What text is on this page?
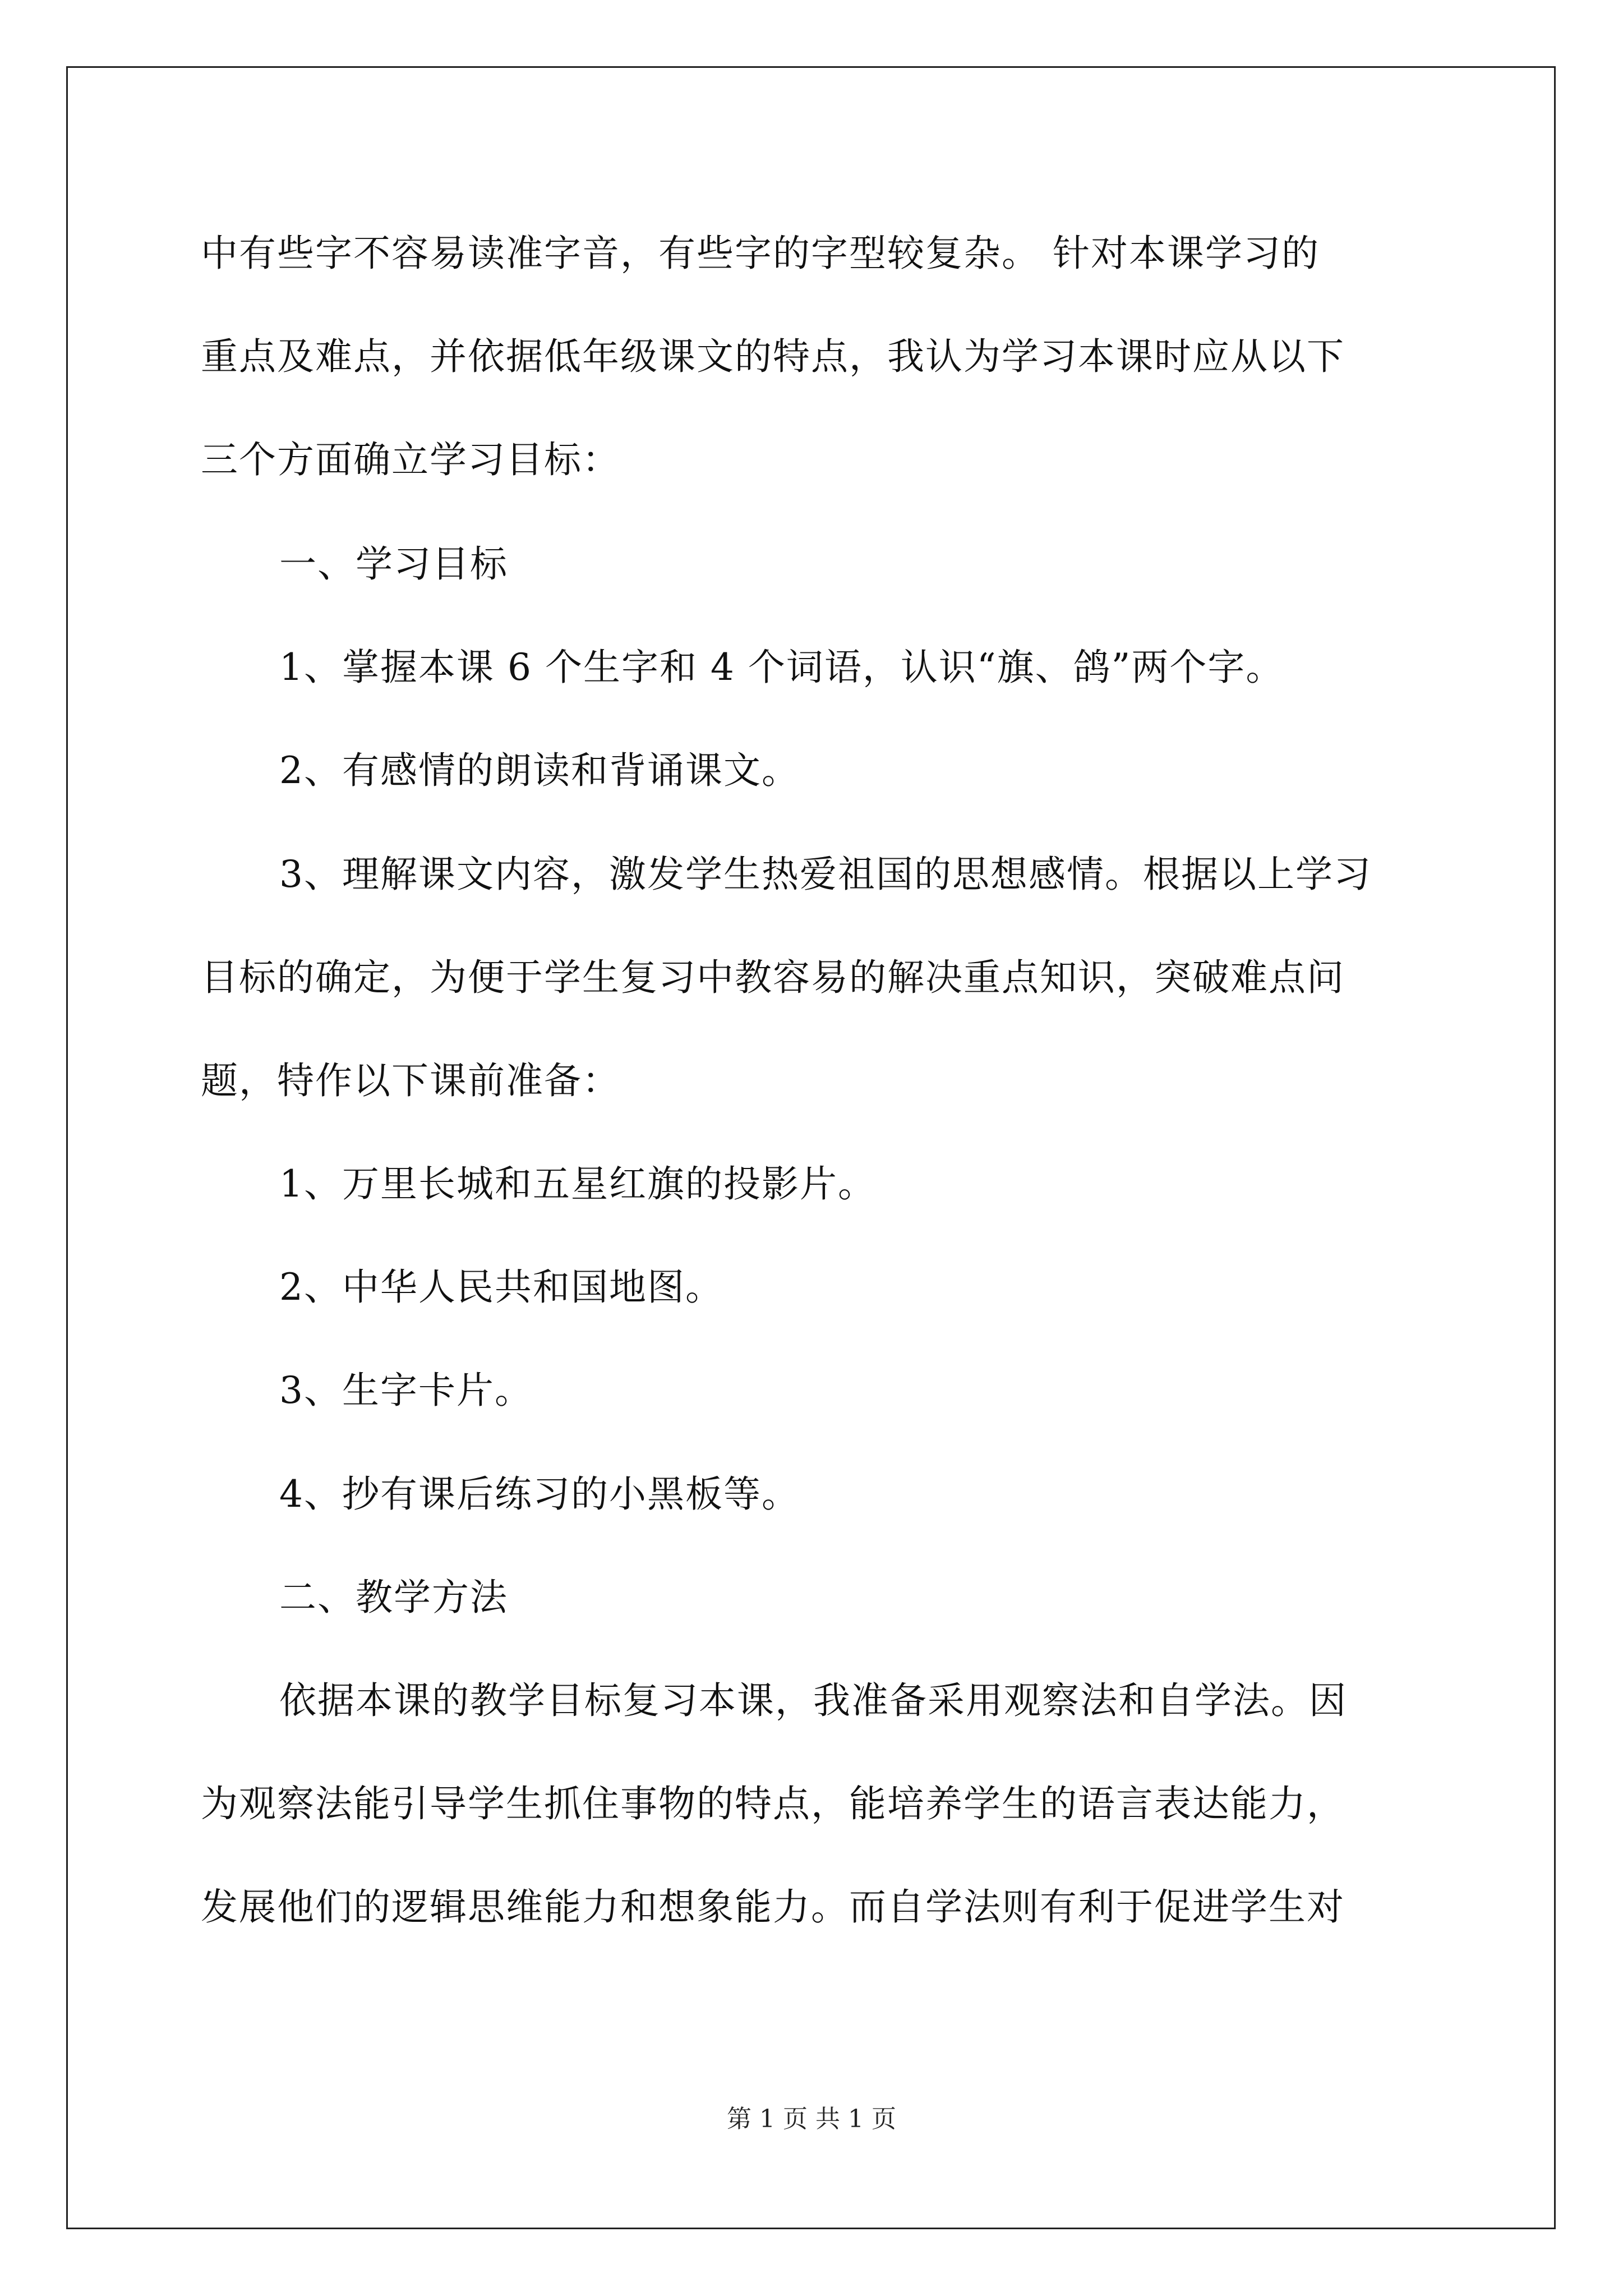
中有些字不容易读准字音，有些字的字型较复杂。 针对本课学习的
重点及难点，并依据低年级课文的特点，我认为学习本课时应从以下
三个方面确立学习目标：
一、学习目标
1、掌握本课 6 个生字和 4 个词语，认识“旗、鸽”两个字。
2、有感情的朗读和背诵课文。
3、理解课文内容，激发学生热爱祖国的思想感情。根据以上学习
目标的确定，为便于学生复习中教容易的解决重点知识，突破难点问
题，特作以下课前准备：
1、万里长城和五星红旗的投影片。
2、中华人民共和国地图。
3、生字卡片。
4、抄有课后练习的小黑板等。
二、教学方法
依据本课的教学目标复习本课，我准备采用观察法和自学法。因
为观察法能引导学生抓住事物的特点，能培养学生的语言表达能力，
发展他们的逻辑思维能力和想象能力。而自学法则有利于促进学生对
第 1 页 共 1 页
